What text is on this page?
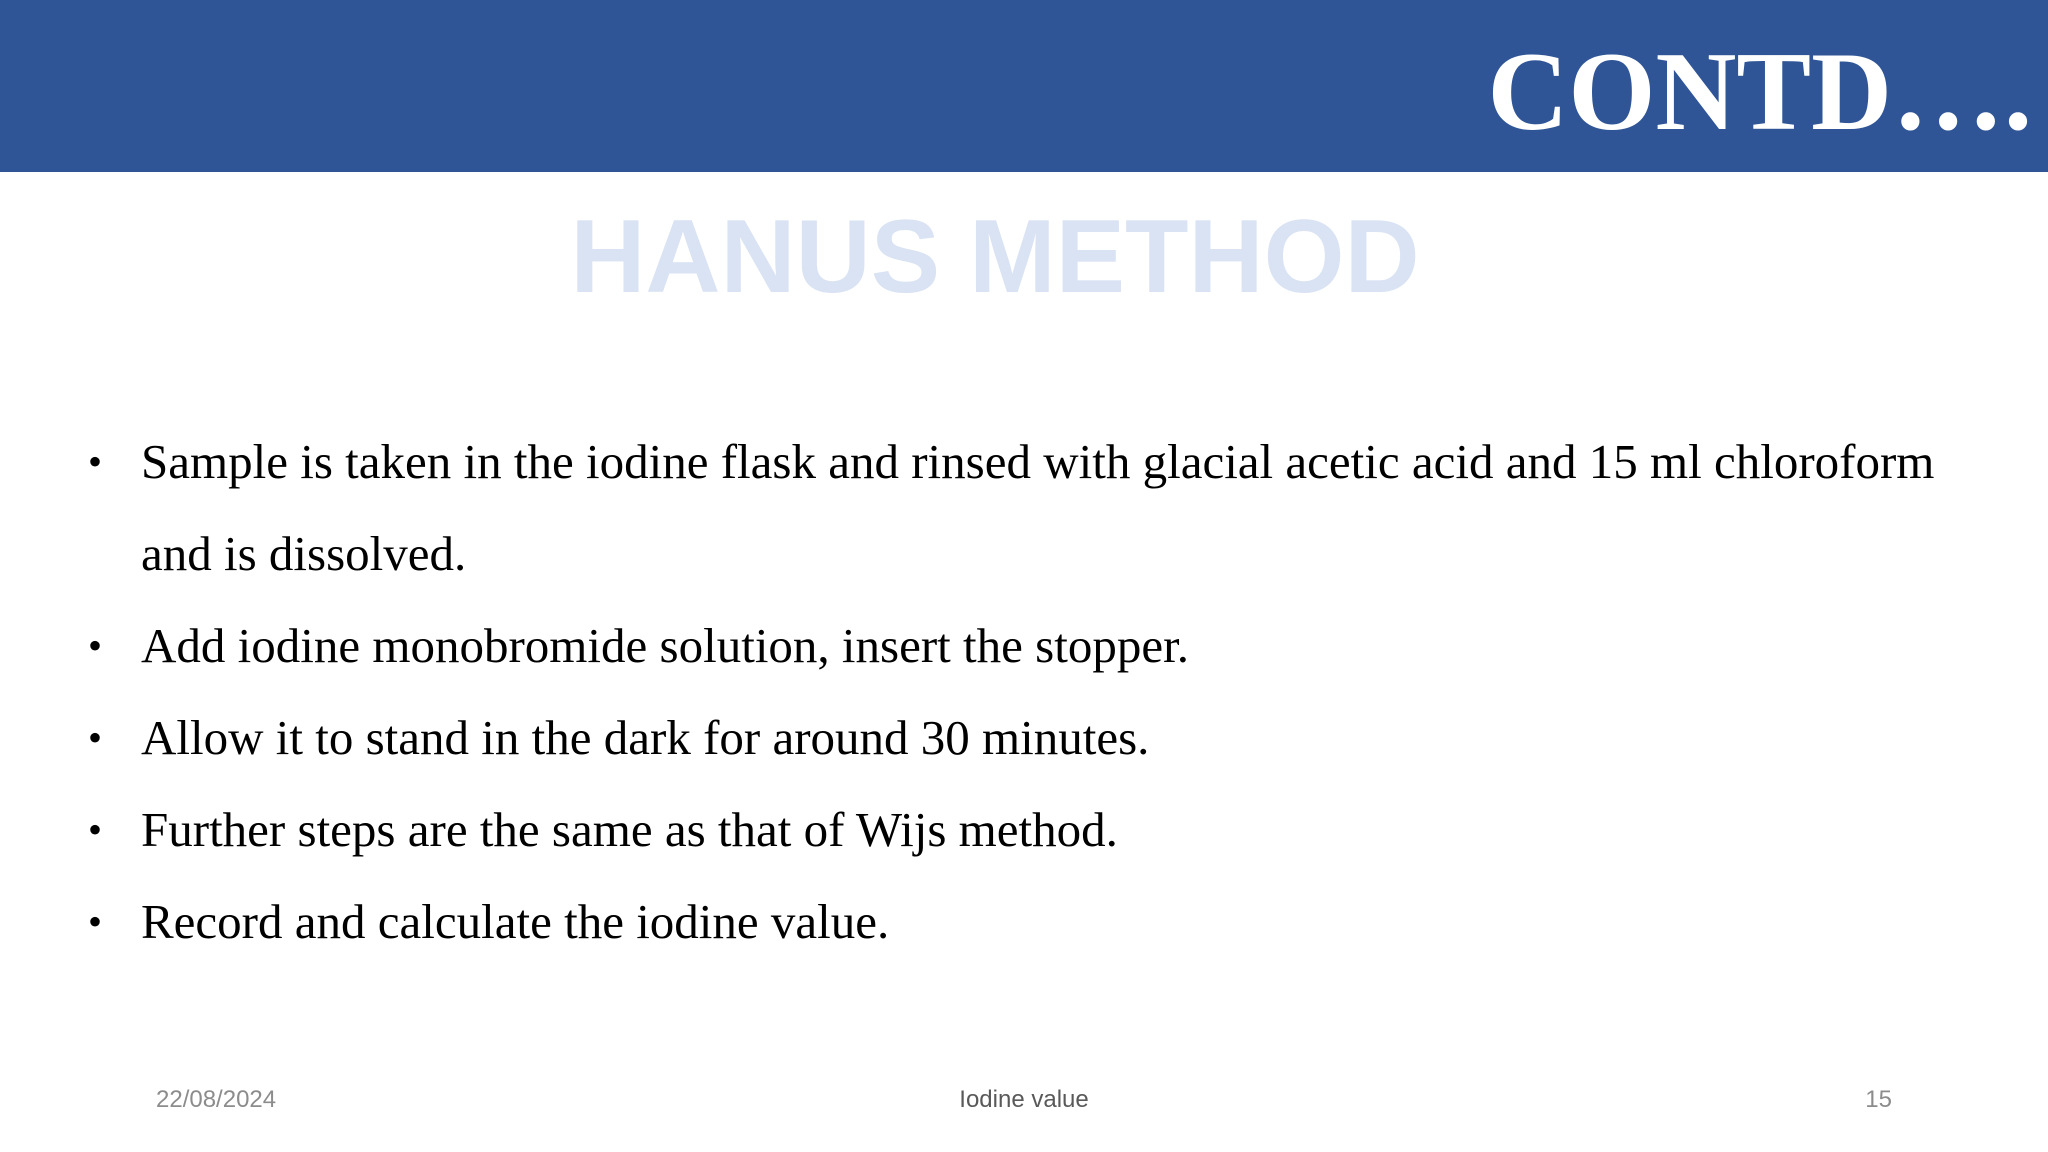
CONTD….
HANUS METHOD
• Sample is taken in the iodine flask and rinsed with glacial acetic acid and 15 ml chloroform and is dissolved.
• Add iodine monobromide solution, insert the stopper.
• Allow it to stand in the dark for around 30 minutes.
• Further steps are the same as that of Wijs method.
• Record and calculate the iodine value.
Iodine value
22/08/2024	15
